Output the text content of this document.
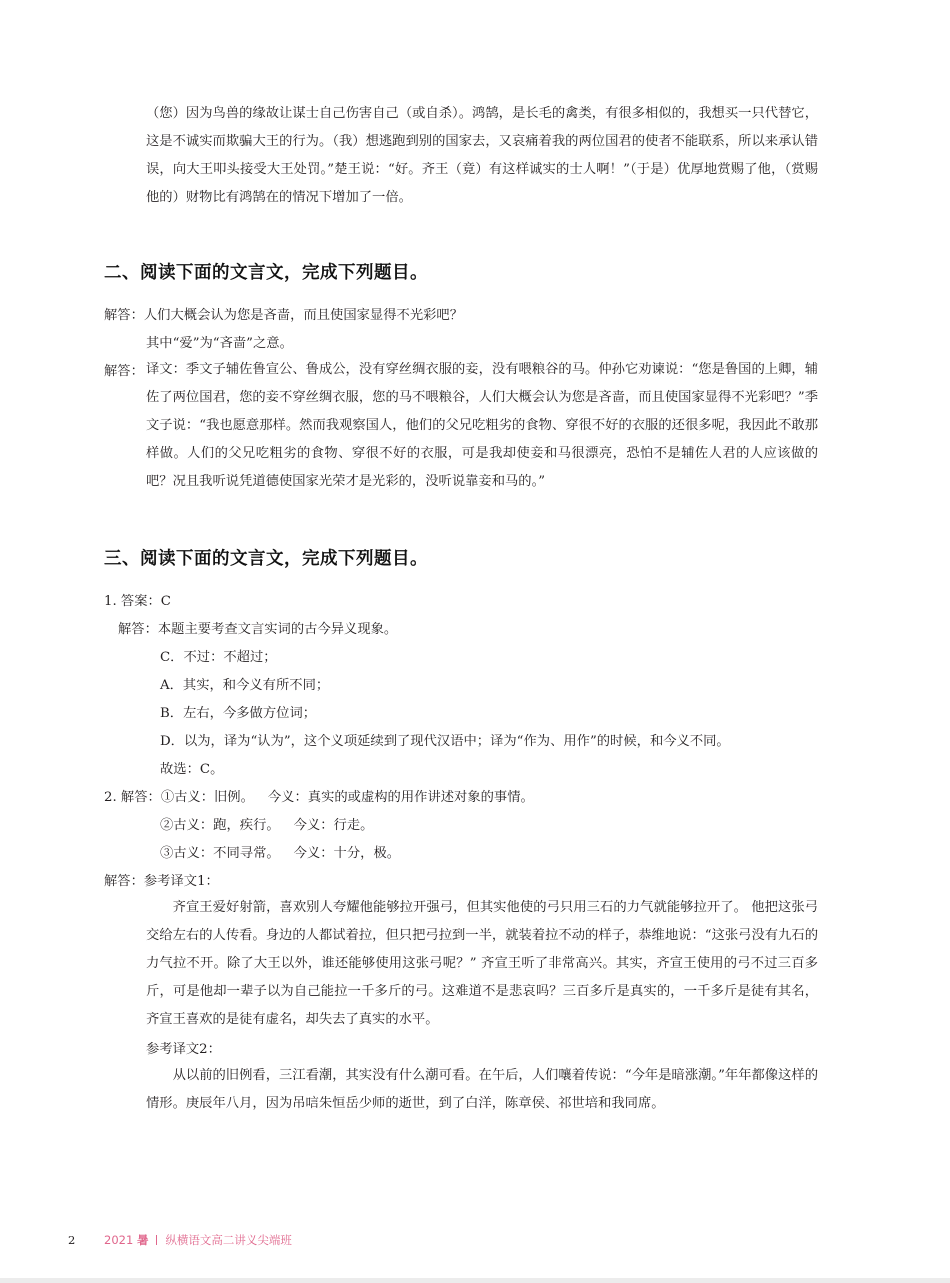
（您）因为鸟兽的缘故让谋士自己伤害自己（或自杀）。鸿鹄，是长毛的禽类，有很多相似的，我想买一只代替它，这是不诚实而欺骗大王的行为。（我）想逃跑到别的国家去，又哀痛着我的两位国君的使者不能联系，所以来承认错误，向大王叩头接受大王处罚。”楚王说：“好。齐王（竟）有这样诚实的士人啊！”（于是）优厚地赏赐了他，（赏赐他的）财物比有鸿鹄在的情况下增加了一倍。

二、阅读下面的文言文，完成下列题目。
解答：人们大概会认为您是吝啬，而且使国家显得不光彩吧？
其中“爱”为“吝啬”之意。
解答： 译文：季文子辅佐鲁宣公、鲁成公，没有穿丝绸衣服的妾，没有喂粮谷的马。仲孙它劝谏说：“您是鲁国的上卿，辅佐了两位国君，您的妾不穿丝绸衣服，您的马不喂粮谷，人们大概会认为您是吝啬，而且使国家显得不光彩吧？”季文子说：“我也愿意那样。然而我观察国人，他们的父兄吃粗劣的食物、穿很不好的衣服的还很多呢，我因此不敢那样做。人们的父兄吃粗劣的食物、穿很不好的衣服，可是我却使妾和马很漂亮，恐怕不是辅佐人君的人应该做的吧？况且我听说凭道德使国家光荣才是光彩的，没听说靠妾和马的。”

三、阅读下面的文言文，完成下列题目。
1. 答案：C
解答：本题主要考查文言实词的古今异义现象。
C．不过：不超过；
A．其实，和今义有所不同；
B．左右，今多做方位词；
D．以为，译为“认为”，这个义项延续到了现代汉语中；译为“作为、用作”的时候，和今义不同。
故选：C。
2. 解答：①古义：旧例。 今义：真实的或虚构的用作讲述对象的事情。
②古义：跑，疾行。 今义：行走。
③古义：不同寻常。 今义：十分，极。
解答：参考译文1：

齐宣王爱好射箭，喜欢别人夸耀他能够拉开强弓，但其实他使的弓只用三石的力气就能够拉开了。 他把这张弓交给左右的人传看。身边的人都试着拉，但只把弓拉到一半，就装着拉不动的样子，恭维地说：“这张弓没有九石的力气拉不开。除了大王以外，谁还能够使用这张弓呢？” 齐宣王听了非常高兴。其实，齐宣王使用的弓不过三百多斤，可是他却一辈子以为自己能拉一千多斤的弓。这难道不是悲哀吗？三百多斤是真实的，一千多斤是徒有其名，齐宣王喜欢的是徒有虚名，却失去了真实的水平。

参考译文2：

从以前的旧例看，三江看潮，其实没有什么潮可看。在午后，人们嚷着传说：“今年是暗涨潮。”年年都像这样的情形。庚辰年八月，因为吊唁朱恒岳少师的逝世，到了白洋，陈章侯、祁世培和我同席。

2 2021 暑 纵横语文高二讲义尖端班
